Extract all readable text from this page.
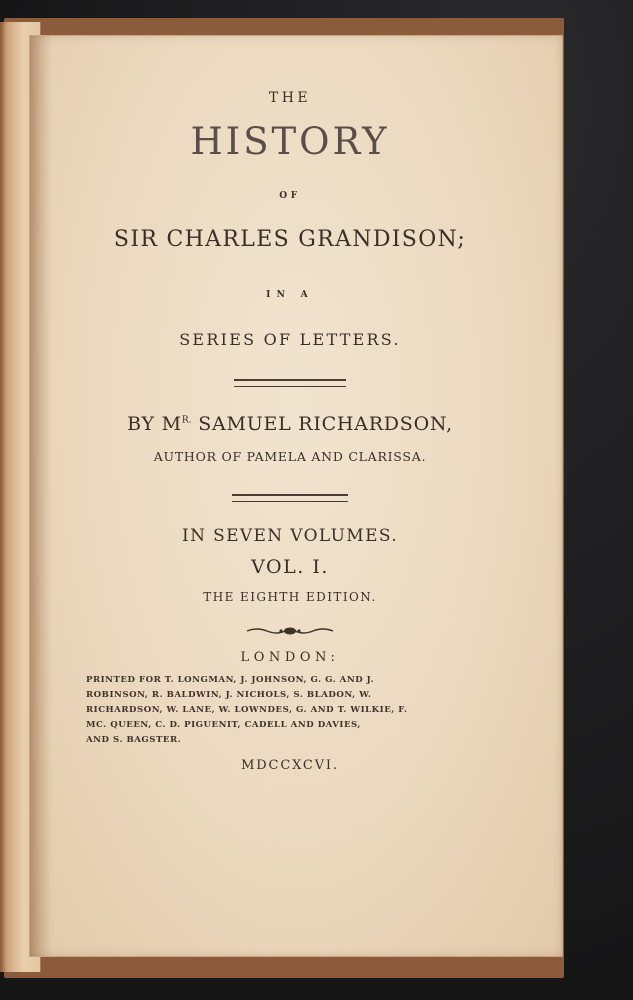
THE
HISTORY
OF
SIR CHARLES GRANDISON;
IN A
SERIES OF LETTERS.
BY $M^{R.}$ SAMUEL RICHARDSON,
AUTHOR OF PAMELA AND CLARISSA.
IN SEVEN VOLUMES.
VOL. I.
THE EIGHTH EDITION.
LONDON:
PRINTED FOR T. LONGMAN, J. JOHNSON, G. G. AND J.
ROBINSON, R. BALDWIN, J. NICHOLS, S. BLADON, W.
RICHARDSON, W. LANE, W. LOWNDES, G. AND T. WILKIE, F.
MC. QUEEN, C. D. PIGUENIT, CADELL AND DAVIES,
AND S. BAGSTER.
MDCCXCVI.
